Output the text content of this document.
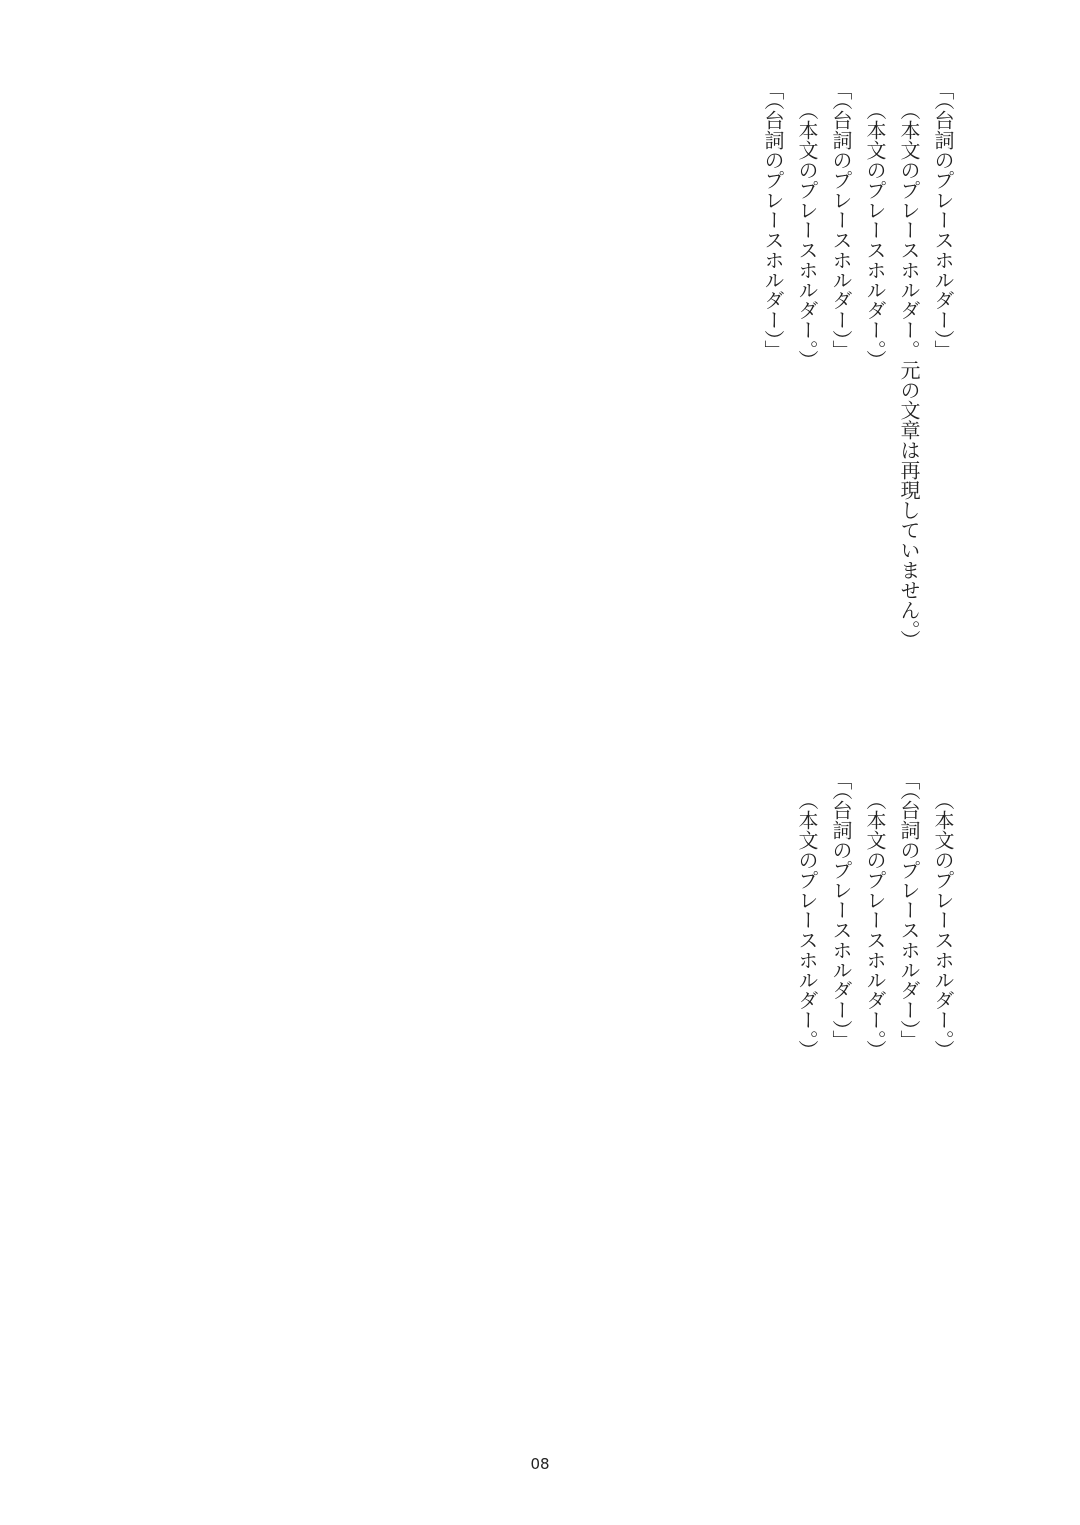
「（台詞のプレースホルダー）」

（本文のプレースホルダー。元の文章は再現していません。）

（本文のプレースホルダー。）

「（台詞のプレースホルダー）」

（本文のプレースホルダー。）

「（台詞のプレースホルダー）」

（本文のプレースホルダー。）

「（台詞のプレースホルダー）」

（本文のプレースホルダー。）

「（台詞のプレースホルダー）」

（本文のプレースホルダー。）

08
